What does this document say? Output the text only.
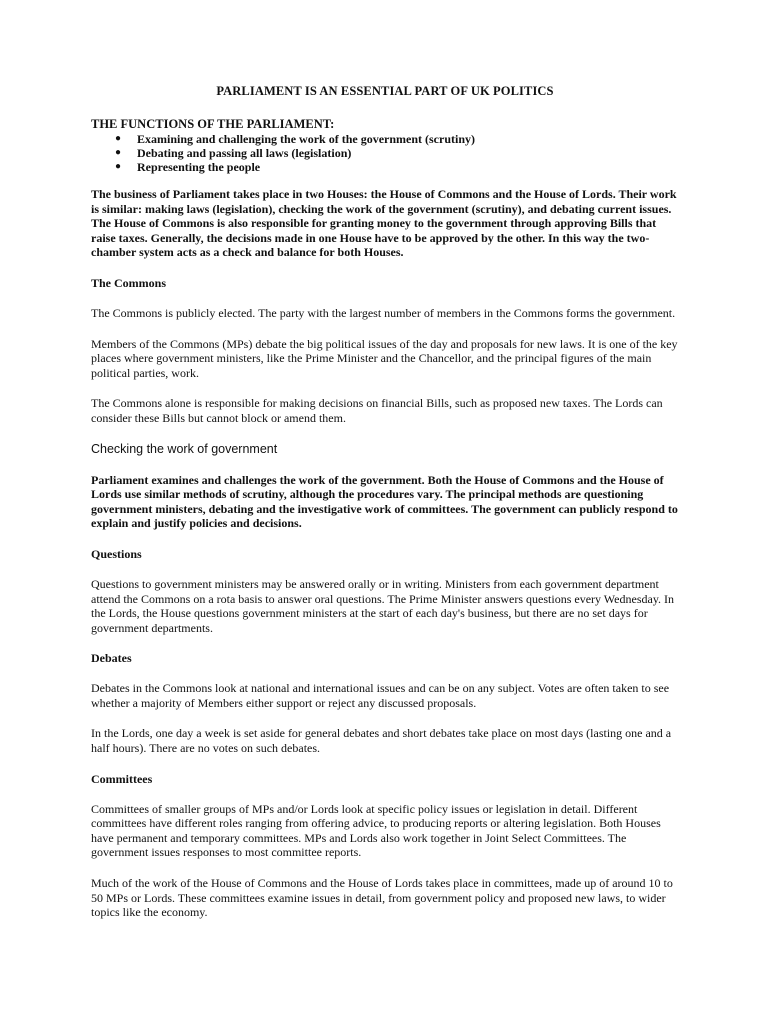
PARLIAMENT IS AN ESSENTIAL PART OF UK POLITICS
THE FUNCTIONS OF THE PARLIAMENT:
● Examining and challenging the work of the government (scrutiny)
● Debating and passing all laws (legislation)
● Representing the people

The business of Parliament takes place in two Houses: the House of Commons and the House of Lords. Their work is similar: making laws (legislation), checking the work of the government (scrutiny), and debating current issues. The House of Commons is also responsible for granting money to the government through approving Bills that raise taxes. Generally, the decisions made in one House have to be approved by the other. In this way the two-chamber system acts as a check and balance for both Houses.

The Commons

The Commons is publicly elected. The party with the largest number of members in the Commons forms the government.

Members of the Commons (MPs) debate the big political issues of the day and proposals for new laws. It is one of the key places where government ministers, like the Prime Minister and the Chancellor, and the principal figures of the main political parties, work.

The Commons alone is responsible for making decisions on financial Bills, such as proposed new taxes. The Lords can consider these Bills but cannot block or amend them.

Checking the work of government

Parliament examines and challenges the work of the government. Both the House of Commons and the House of Lords use similar methods of scrutiny, although the procedures vary. The principal methods are questioning government ministers, debating and the investigative work of committees. The government can publicly respond to explain and justify policies and decisions.

Questions

Questions to government ministers may be answered orally or in writing. Ministers from each government department attend the Commons on a rota basis to answer oral questions. The Prime Minister answers questions every Wednesday. In the Lords, the House questions government ministers at the start of each day's business, but there are no set days for government departments.

Debates

Debates in the Commons look at national and international issues and can be on any subject. Votes are often taken to see whether a majority of Members either support or reject any discussed proposals.

In the Lords, one day a week is set aside for general debates and short debates take place on most days (lasting one and a half hours). There are no votes on such debates.

Committees

Committees of smaller groups of MPs and/or Lords look at specific policy issues or legislation in detail. Different committees have different roles ranging from offering advice, to producing reports or altering legislation. Both Houses have permanent and temporary committees. MPs and Lords also work together in Joint Select Committees. The government issues responses to most committee reports.

Much of the work of the House of Commons and the House of Lords takes place in committees, made up of around 10 to 50 MPs or Lords. These committees examine issues in detail, from government policy and proposed new laws, to wider topics like the economy.
